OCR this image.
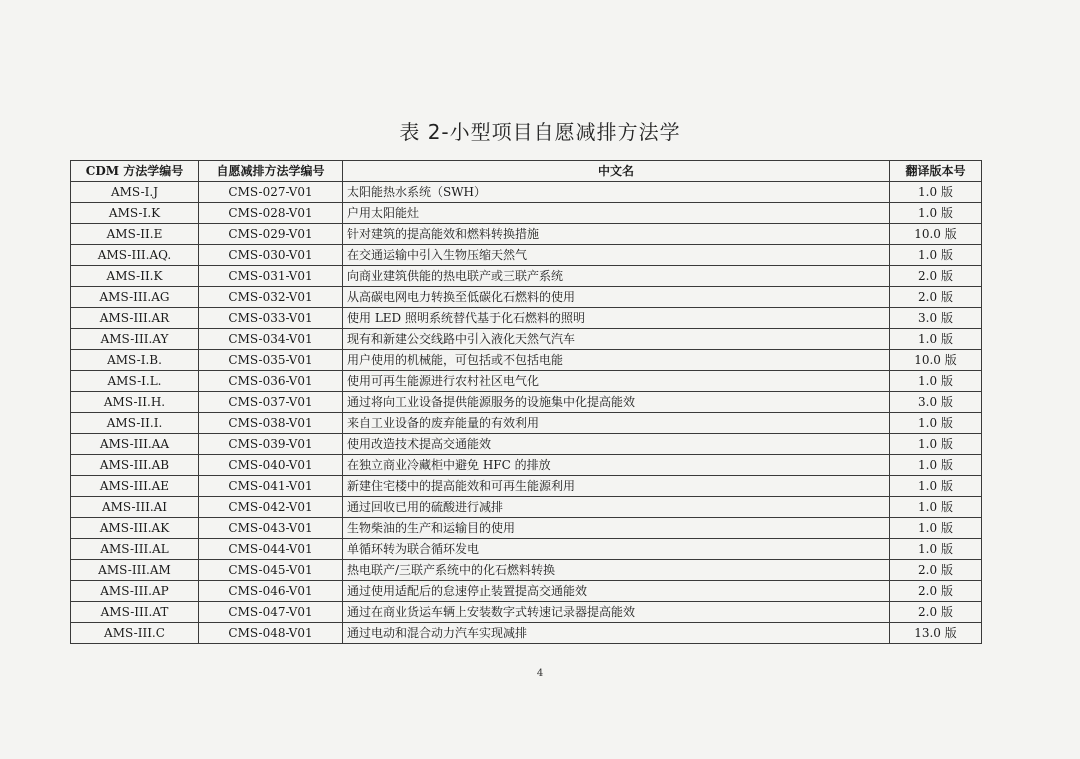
表 2-小型项目自愿减排方法学
CDM 方法学编号	自愿减排方法学编号	中文名	翻译版本号
AMS-I.J	CMS-027-V01	太阳能热水系统（SWH）	1.0 版
AMS-I.K	CMS-028-V01	户用太阳能灶	1.0 版
AMS-II.E	CMS-029-V01	针对建筑的提高能效和燃料转换措施	10.0 版
AMS-III.AQ.	CMS-030-V01	在交通运输中引入生物压缩天然气	1.0 版
AMS-II.K	CMS-031-V01	向商业建筑供能的热电联产或三联产系统	2.0 版
AMS-III.AG	CMS-032-V01	从高碳电网电力转换至低碳化石燃料的使用	2.0 版
AMS-III.AR	CMS-033-V01	使用 LED 照明系统替代基于化石燃料的照明	3.0 版
AMS-III.AY	CMS-034-V01	现有和新建公交线路中引入液化天然气汽车	1.0 版
AMS-I.B.	CMS-035-V01	用户使用的机械能，可包括或不包括电能	10.0 版
AMS-I.L.	CMS-036-V01	使用可再生能源进行农村社区电气化	1.0 版
AMS-II.H.	CMS-037-V01	通过将向工业设备提供能源服务的设施集中化提高能效	3.0 版
AMS-II.I.	CMS-038-V01	来自工业设备的废弃能量的有效利用	1.0 版
AMS-III.AA	CMS-039-V01	使用改造技术提高交通能效	1.0 版
AMS-III.AB	CMS-040-V01	在独立商业冷藏柜中避免 HFC 的排放	1.0 版
AMS-III.AE	CMS-041-V01	新建住宅楼中的提高能效和可再生能源利用	1.0 版
AMS-III.AI	CMS-042-V01	通过回收已用的硫酸进行减排	1.0 版
AMS-III.AK	CMS-043-V01	生物柴油的生产和运输目的使用	1.0 版
AMS-III.AL	CMS-044-V01	单循环转为联合循环发电	1.0 版
AMS-III.AM	CMS-045-V01	热电联产/三联产系统中的化石燃料转换	2.0 版
AMS-III.AP	CMS-046-V01	通过使用适配后的怠速停止装置提高交通能效	2.0 版
AMS-III.AT	CMS-047-V01	通过在商业货运车辆上安装数字式转速记录器提高能效	2.0 版
AMS-III.C	CMS-048-V01	通过电动和混合动力汽车实现减排	13.0 版
4
